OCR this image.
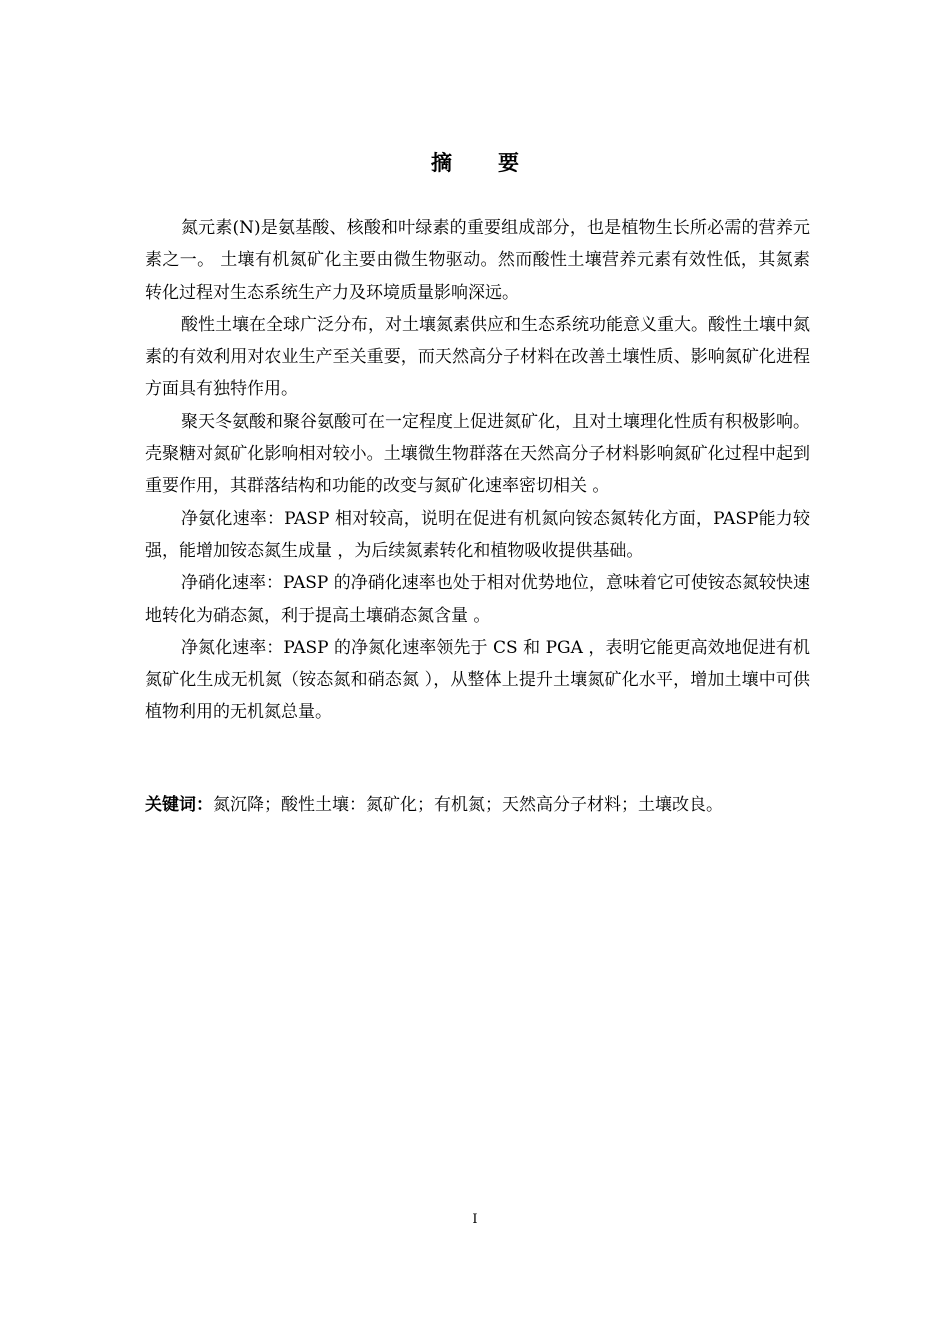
摘要

氮元素(N)是氨基酸、核酸和叶绿素的重要组成部分，也是植物生长所必需的营养元素之一。 土壤有机氮矿化主要由微生物驱动。然而酸性土壤营养元素有效性低，其氮素转化过程对生态系统生产力及环境质量影响深远。

酸性土壤在全球广泛分布，对土壤氮素供应和生态系统功能意义重大。酸性土壤中氮素的有效利用对农业生产至关重要，而天然高分子材料在改善土壤性质、影响氮矿化进程方面具有独特作用。

聚天冬氨酸和聚谷氨酸可在一定程度上促进氮矿化，且对土壤理化性质有积极影响。壳聚糖对氮矿化影响相对较小。土壤微生物群落在天然高分子材料影响氮矿化过程中起到重要作用，其群落结构和功能的改变与氮矿化速率密切相关 。

净氨化速率：PASP 相对较高，说明在促进有机氮向铵态氮转化方面，PASP能力较强，能增加铵态氮生成量 ，为后续氮素转化和植物吸收提供基础。

净硝化速率：PASP 的净硝化速率也处于相对优势地位，意味着它可使铵态氮较快速地转化为硝态氮，利于提高土壤硝态氮含量 。

净氮化速率：PASP 的净氮化速率领先于 CS 和 PGA ，表明它能更高效地促进有机氮矿化生成无机氮（铵态氮和硝态氮 ），从整体上提升土壤氮矿化水平，增加土壤中可供植物利用的无机氮总量。

关键词：氮沉降；酸性土壤：氮矿化；有机氮；天然高分子材料；土壤改良。
I
